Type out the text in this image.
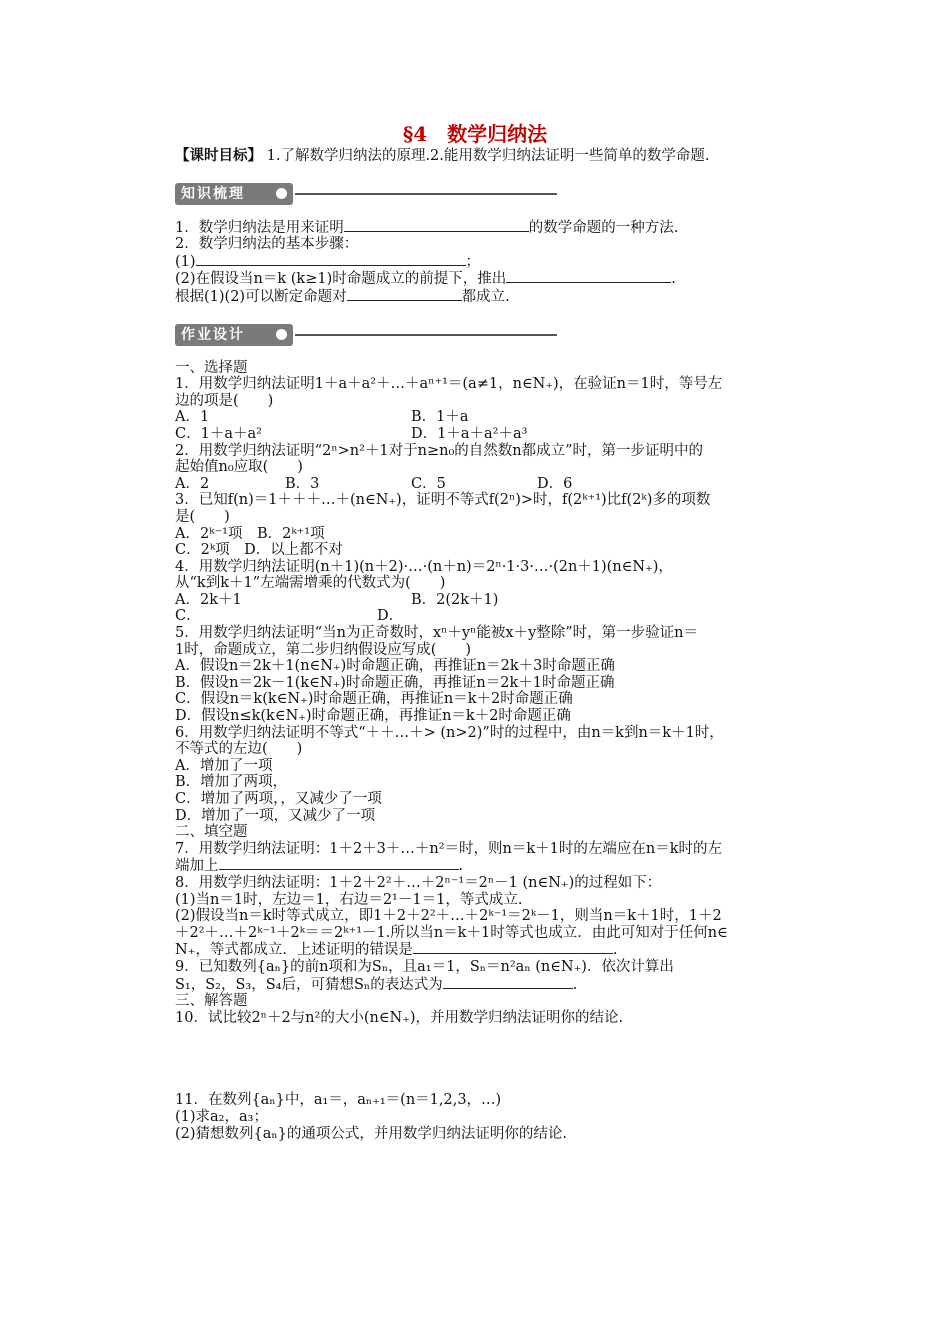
§4　数学归纳法
【课时目标】 1.了解数学归纳法的原理.2.能用数学归纳法证明一些简单的数学命题.
知识梳理
1．数学归纳法是用来证明	的数学命题的一种方法.
2．数学归纳法的基本步骤：
(1)	；
(2)在假设当n＝k (k≥1)时命题成立的前提下，推出	.
根据(1)(2)可以断定命题对	都成立.
作业设计
一、选择题
1．用数学归纳法证明1＋a＋a²＋…＋aⁿ⁺¹＝(a≠1，n∈N₊)，在验证n＝1时，等号左
边的项是(　　)
A．1	B．1＋a
C．1＋a＋a²	D．1＋a＋a²＋a³
2．用数学归纳法证明“2ⁿ>n²＋1对于n≥n₀的自然数n都成立”时，第一步证明中的
起始值n₀应取(　　)
A．2	B．3	C．5	D．6
3．已知f(n)＝1＋＋＋…＋(n∈N₊)，证明不等式f(2ⁿ)>时，f(2ᵏ⁺¹)比f(2ᵏ)多的项数
是(　　)
A．2ᵏ⁻¹项　B．2ᵏ⁺¹项
C．2ᵏ项　D．以上都不对
4．用数学归纳法证明(n＋1)(n＋2)·…·(n＋n)＝2ⁿ·1·3·…·(2n＋1)(n∈N₊)，
从“k到k＋1”左端需增乘的代数式为(　　)
A．2k＋1	B．2(2k＋1)
C．	D．
5．用数学归纳法证明“当n为正奇数时，xⁿ＋yⁿ能被x＋y整除”时，第一步验证n＝
1时，命题成立，第二步归纳假设应写成(　　)
A．假设n＝2k＋1(n∈N₊)时命题正确，再推证n＝2k＋3时命题正确
B．假设n＝2k－1(k∈N₊)时命题正确，再推证n＝2k＋1时命题正确
C．假设n＝k(k∈N₊)时命题正确，再推证n＝k＋2时命题正确
D．假设n≤k(k∈N₊)时命题正确，再推证n＝k＋2时命题正确
6．用数学归纳法证明不等式“＋＋…＋> (n>2)”时的过程中，由n＝k到n＝k＋1时，
不等式的左边(　　)
A．增加了一项
B．增加了两项，
C．增加了两项，，又减少了一项
D．增加了一项，又减少了一项
二、填空题
7．用数学归纳法证明：1＋2＋3＋…＋n²＝时，则n＝k＋1时的左端应在n＝k时的左
端加上	.
8．用数学归纳法证明：1＋2＋2²＋…＋2ⁿ⁻¹＝2ⁿ－1 (n∈N₊)的过程如下：
(1)当n＝1时，左边＝1，右边＝2¹－1＝1，等式成立.
(2)假设当n＝k时等式成立，即1＋2＋2²＋…＋2ᵏ⁻¹＝2ᵏ－1，则当n＝k＋1时，1＋2
＋2²＋…＋2ᵏ⁻¹＋2ᵏ＝＝2ᵏ⁺¹－1.所以当n＝k＋1时等式也成立．由此可知对于任何n∈
N₊，等式都成立．上述证明的错误是	.
9．已知数列{aₙ}的前n项和为Sₙ，且a₁＝1，Sₙ＝n²aₙ (n∈N₊)．依次计算出
S₁，S₂，S₃，S₄后，可猜想Sₙ的表达式为	.
三、解答题
10．试比较2ⁿ＋2与n²的大小(n∈N₊)，并用数学归纳法证明你的结论.
11．在数列{aₙ}中，a₁＝，aₙ₊₁＝(n＝1,2,3，…)
(1)求a₂，a₃；
(2)猜想数列{aₙ}的通项公式，并用数学归纳法证明你的结论.
